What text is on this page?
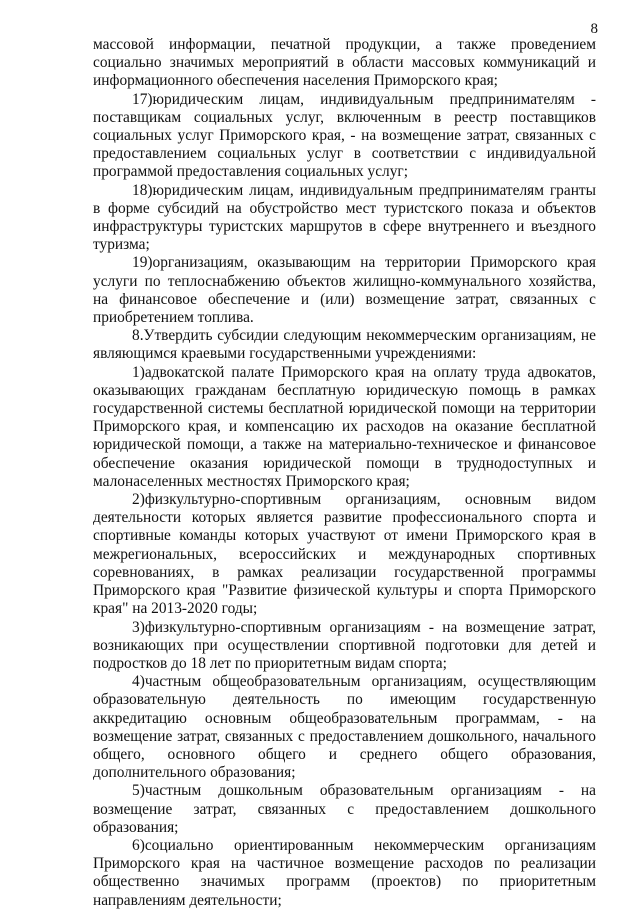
8

массовой информации, печатной продукции, а также проведением социально значимых мероприятий в области массовых коммуникаций и информационного обеспечения населения Приморского края;

17)юридическим лицам, индивидуальным предпринимателям - поставщикам социальных услуг, включенным в реестр поставщиков социальных услуг Приморского края, - на возмещение затрат, связанных с предоставлением социальных услуг в соответствии с индивидуальной программой предоставления социальных услуг;

18)юридическим лицам, индивидуальным предпринимателям гранты в форме субсидий на обустройство мест туристского показа и объектов инфраструктуры туристских маршрутов в сфере внутреннего и въездного туризма;

19)организациям, оказывающим на территории Приморского края услуги по теплоснабжению объектов жилищно-коммунального хозяйства, на финансовое обеспечение и (или) возмещение затрат, связанных с приобретением топлива.

8.Утвердить субсидии следующим некоммерческим организациям, не являющимся краевыми государственными учреждениями:

1)адвокатской палате Приморского края на оплату труда адвокатов, оказывающих гражданам бесплатную юридическую помощь в рамках государственной системы бесплатной юридической помощи на территории Приморского края, и компенсацию их расходов на оказание бесплатной юридической помощи, а также на материально-техническое и финансовое обеспечение оказания юридической помощи в труднодоступных и малонаселенных местностях Приморского края;

2)физкультурно-спортивным организациям, основным видом деятельности которых является развитие профессионального спорта и спортивные команды которых участвуют от имени Приморского края в межрегиональных, всероссийских и международных спортивных соревнованиях, в рамках реализации государственной программы Приморского края "Развитие физической культуры и спорта Приморского края" на 2013-2020 годы;

3)физкультурно-спортивным организациям - на возмещение затрат, возникающих при осуществлении спортивной подготовки для детей и подростков до 18 лет по приоритетным видам спорта;

4)частным общеобразовательным организациям, осуществляющим образовательную деятельность по имеющим государственную аккредитацию основным общеобразовательным программам, - на возмещение затрат, связанных с предоставлением дошкольного, начального общего, основного общего и среднего общего образования, дополнительного образования;

5)частным дошкольным образовательным организациям - на возмещение затрат, связанных с предоставлением дошкольного образования;

6)социально ориентированным некоммерческим организациям Приморского края на частичное возмещение расходов по реализации общественно значимых программ (проектов) по приоритетным направлениям деятельности;
